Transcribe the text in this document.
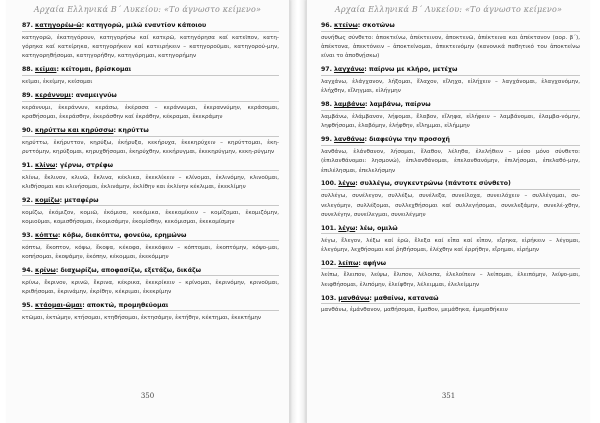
Αρχαία Ελληνικά Β΄ Λυκείου: «Το άγνωστο κείμενο»
87. κατηγορέω-ῶ: κατηγορώ, μιλώ εναντίον κάποιου
κατηγορῶ, ἐκατηγόρουν, κατηγορήσω καί κατερῶ, κατηγόρησα καί κατεῖπον, κατη-γόρηκα καί κατείρηκα, κατηγορήκειν καί κατειρήκειν – κατηγοροῦμαι, κατηγορού-μην, κατηγορηθήσομαι, κατηγορήθην, κατηγόρημαι, κατηγορήμην
88. κεῖμαι: κείτομαι, βρίσκομαι
κεῖμαι, ἐκείμην, κείσομαι
89. κεράννυμι: αναμειγνύω
κεράννυμι, ἐκεράννυν, κεράσω, ἐκέρασα – κεράννυμαι, ἐκεραννύμην, κεράσομαι, κραθήσομαι, ἐκεράσθην, ἐκεράσθην καί ἐκράθην, κέκραμαι, ἐκεκράμην
90. κηρύττω και κηρύσσω: κηρύττω
κηρύττω, ἐκήρυττον, κηρύξω, ἐκήρυξα, κεκήρυχα, ἐκεκηρύχειν – κηρύττομαι, ἐκη-ρυττόμην, κηρύξομαι, κηρυχθήσομαι, ἐκηρύχθην, κεκήρυγμαι, ἐκεκηρύγμην, κεκη-ρύγμην
91. κλίνω: γέρνω, στρέφω
κλίνω, ἔκλινον, κλινῶ, ἔκλινα, κέκλικα, ἐκεκλίκειν – κλίνομαι, ἐκλινόμην, κλινοῦμαι, κλιθήσομαι και κλινήσομαι, ἐκλινάμην, ἐκλίθην και ἐκλίνην κέκλιμαι, ἐκεκλίμην
92. κομίζω: μεταφέρω
κομίζω, ἐκόμιζον, κομιῶ, ἐκόμισα, κεκόμικα, ἐκεκομίκειν – κομίζομαι, ἐκομιζόμην, κομιοῦμαι, κομισθήσομαι, ἐκομισάμην, ἐκομίσθην, κεκόμισμαι, ἐκεκομίσμην
93. κόπτω: κόβω, διακόπτω, φονεύω, ερημώνω
κόπτω, ἔκοπτον, κόψω, ἔκοψα, κέκοφα, ἐκεκόφειν – κόπτομαι, ἐκοπτόμην, κόψο-μαι, κοπήσομαι, ἐκοψάμην, ἐκόπην, κέκομμαι, ἐκεκόμμην
94. κρίνω: διαχωρίζω, αποφασίζω, εξετάζω, δικάζω
κρίνω, ἔκρινον, κρινῶ, ἔκρινα, κέκρικα, ἐκεκρίκειν – κρίνομαι, ἐκρινόμην, κρινοῦμαι, κριθήσομαι, ἐκρινάμην, ἐκρίθην, κέκριμαι, ἐκεκρίμην
95. κτάομαι-ῶμαι: αποκτώ, προμηθεύομαι
κτῶμαι, ἐκτώμην, κτήσομαι, κτηθήσομαι, ἐκτησάμην, ἐκτήθην, κέκτημαι, ἐκεκτήμην
350
Αρχαία Ελληνικά Β΄ Λυκείου: «Το άγνωστο κείμενο»
96. κτείνω: σκοτώνω
συνήθως σύνθετο: ἀποκτείνω, ἀπέκτεινον, ἀποκτενῶ, ἀπέκτεινα και ἀπέκτανον (αορ. β΄), ἀπέκτονα, ἀπεκτόνειν – ἀποκτείνομαι, ἀπεκτεινόμην (κανονικά παθητικό του ἀποκτείνω είναι το ἀποθνῄσκω)
97. λαγχάνω: παίρνω με κλήρο, μετέχω
λαγχάνω, ἐλάγχανον, λήξομαι, ἔλαχον, εἴληχα, εἰλήχειν – λαγχάνομαι, ἐλαγχανόμην, ἐλήχθην, εἴληγμαι, εἰλήγμην
98. λαμβάνω: λαμβάνω, παίρνω
λαμβάνω, ἐλάμβανον, λήψομαι, ἔλαβον, εἴληφα, εἰλήφειν – λαμβάνομαι, ἐλαμβα-νόμην, ληφθήσομαι, ἐλαβόμην, ἐλήφθην, εἴλημμαι, εἰλήμμην
99. λανθάνω: διαφεύγω την προσοχή
λανθάνω, ἐλάνθανον, λήσομαι, ἔλαθον, λέληθα, ἐλελήθειν – μέσο μόνο σύνθετο: (ἐπιλανθάνομαι: λησμονώ), ἐπιλανθάνομαι, ἐπελανθανόμην, ἐπιλήσομαι, ἐπελαθό-μην, ἐπιλέλησμαι, ἐπελελήσμην
100. λέγω: συλλέγω, συγκεντρώνω (πάντοτε σύνθετο)
συλλέγω, συνέλεγον, συλλέξω, συνέλεξα, συνείλοχα, συνειλόχειν – συλλέγομαι, συ-νελεγόμην, συλλέξομαι, συλλεχθήσομαι καί συλλεγήσομαι, συνελεξάμην, συνελέ-χθην, συνελέγην, συνείλεγμαι, συνειλέγμην
101. λέγω: λέω, ομιλώ
λέγω, ἔλεγον, λέξω καί ἐρῶ, ἔλεξα καί εἶπα καί εἶπον, εἴρηκα, εἰρήκειν – λέγομαι, ἐλεγόμην, λεχθήσομαι καί ῥηθήσομαι, ἐλέχθην καί ἐρρήθην, εἴρημαι, εἰρήμην
102. λείπω: αφήνω
λείπω, ἔλειπον, λείψω, ἔλιπον, λέλοιπα, ἐλελοίπειν – λείπομαι, ἐλειπόμην, λείψο-μαι, λειφθήσομαι, ἐλιπόμην, ἐλείφθην, λέλειμμαι, ἐλελείμμην
103. μανθάνω: μαθαίνω, καταναώ
μανθάνω, ἐμάνθανον, μαθήσομαι, ἔμαθον, μεμάθηκα, ἐμεμαθήκειν
351
